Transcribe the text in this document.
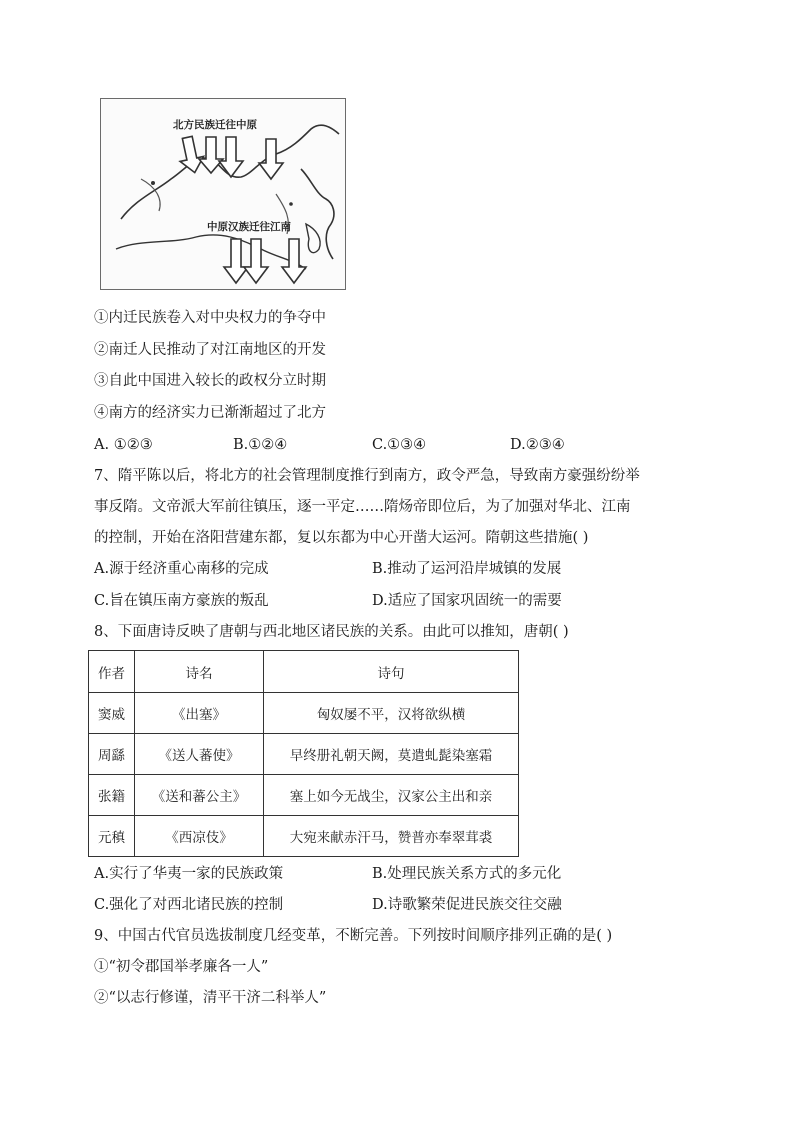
北方民族迁往中原
中原汉族迁往江南
①内迁民族卷入对中央权力的争夺中
②南迁人民推动了对江南地区的开发
③自此中国进入较长的政权分立时期
④南方的经济实力已渐渐超过了北方
A. ①②③	B.①②④	C.①③④	D.②③④
7、隋平陈以后，将北方的社会管理制度推行到南方，政令严急，导致南方豪强纷纷举
事反隋。文帝派大军前往镇压，逐一平定……隋炀帝即位后，为了加强对华北、江南
的控制，开始在洛阳营建东都，复以东都为中心开凿大运河。隋朝这些措施( )
A.源于经济重心南移的完成	B.推动了运河沿岸城镇的发展
C.旨在镇压南方豪族的叛乱	D.适应了国家巩固统一的需要
8、下面唐诗反映了唐朝与西北地区诸民族的关系。由此可以推知，唐朝( )
作者	诗名	诗句
窦威	《出塞》	匈奴屡不平，汉将欲纵横
周繇	《送人蕃使》	早终册礼朝天阙，莫遣虬髭染塞霜
张籍	《送和蕃公主》	塞上如今无战尘，汉家公主出和亲
元稹	《西凉伎》	大宛来献赤汗马，赞普亦奉翠茸裘
A.实行了华夷一家的民族政策	B.处理民族关系方式的多元化
C.强化了对西北诸民族的控制	D.诗歌繁荣促进民族交往交融
9、中国古代官员选拔制度几经变革，不断完善。下列按时间顺序排列正确的是( )
①“初令郡国举孝廉各一人”
②“以志行修谨，清平干济二科举人”
